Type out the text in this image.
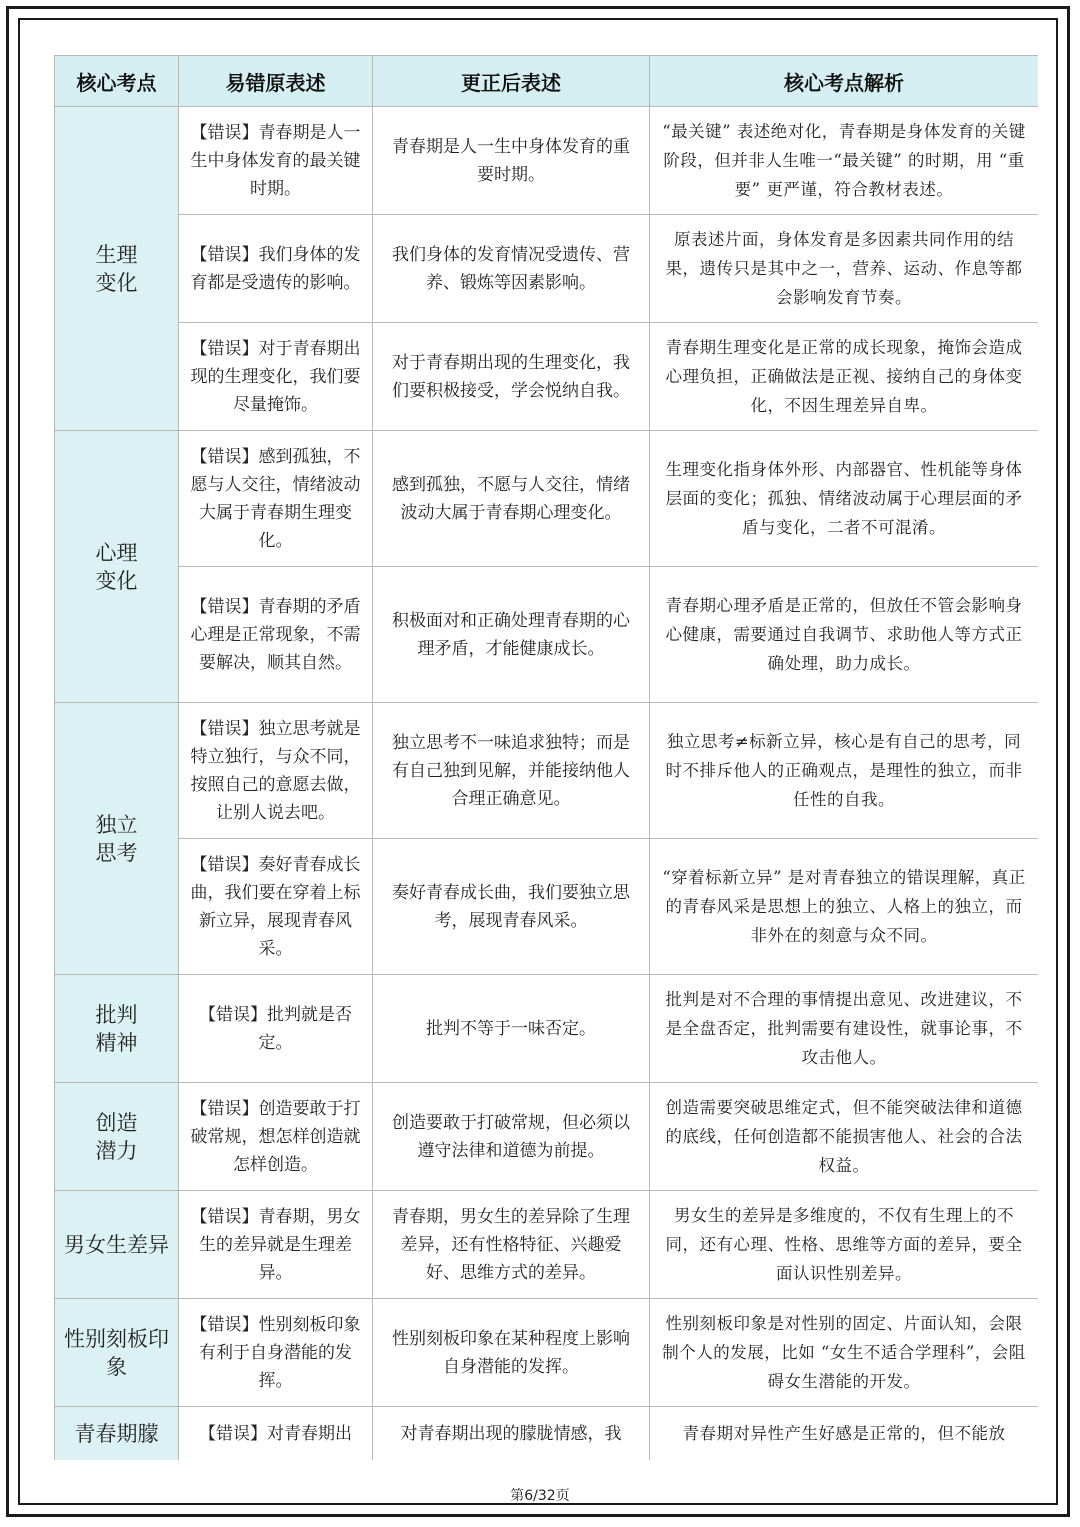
核心考点	易错原表述	更正后表述	核心考点解析
生理
变化	【错误】青春期是人一生中身体发育的最关键时期。	青春期是人一生中身体发育的重要时期。	“最关键” 表述绝对化，青春期是身体发育的关键阶段，但并非人生唯一“最关键” 的时期，用 “重要” 更严谨，符合教材表述。
	【错误】我们身体的发育都是受遗传的影响。	我们身体的发育情况受遗传、营养、锻炼等因素影响。	原表述片面，身体发育是多因素共同作用的结果，遗传只是其中之一，营养、运动、作息等都会影响发育节奏。
	【错误】对于青春期出现的生理变化，我们要尽量掩饰。	对于青春期出现的生理变化，我们要积极接受，学会悦纳自我。	青春期生理变化是正常的成长现象，掩饰会造成心理负担，正确做法是正视、接纳自己的身体变化，不因生理差异自卑。
心理
变化	【错误】感到孤独，不愿与人交往，情绪波动大属于青春期生理变化。	感到孤独，不愿与人交往，情绪波动大属于青春期心理变化。	生理变化指身体外形、内部器官、性机能等身体层面的变化；孤独、情绪波动属于心理层面的矛盾与变化，二者不可混淆。
	【错误】青春期的矛盾心理是正常现象，不需要解决，顺其自然。	积极面对和正确处理青春期的心理矛盾，才能健康成长。	青春期心理矛盾是正常的，但放任不管会影响身心健康，需要通过自我调节、求助他人等方式正确处理，助力成长。
独立
思考	【错误】独立思考就是特立独行，与众不同，按照自己的意愿去做，让别人说去吧。	独立思考不一味追求独特；而是有自己独到见解，并能接纳他人合理正确意见。	独立思考≠标新立异，核心是有自己的思考，同时不排斥他人的正确观点，是理性的独立，而非任性的自我。
	【错误】奏好青春成长曲，我们要在穿着上标新立异，展现青春风采。	奏好青春成长曲，我们要独立思考，展现青春风采。	“穿着标新立异” 是对青春独立的错误理解，真正的青春风采是思想上的独立、人格上的独立，而非外在的刻意与众不同。
批判
精神	【错误】批判就是否定。	批判不等于一味否定。	批判是对不合理的事情提出意见、改进建议，不是全盘否定，批判需要有建设性，就事论事，不攻击他人。
创造
潜力	【错误】创造要敢于打破常规，想怎样创造就怎样创造。	创造要敢于打破常规，但必须以遵守法律和道德为前提。	创造需要突破思维定式，但不能突破法律和道德的底线，任何创造都不能损害他人、社会的合法权益。
男女生差异	【错误】青春期，男女生的差异就是生理差异。	青春期，男女生的差异除了生理差异，还有性格特征、兴趣爱好、思维方式的差异。	男女生的差异是多维度的，不仅有生理上的不同，还有心理、性格、思维等方面的差异，要全面认识性别差异。
性别刻板印象	【错误】性别刻板印象有利于自身潜能的发挥。	性别刻板印象在某种程度上影响自身潜能的发挥。	性别刻板印象是对性别的固定、片面认知，会限制个人的发展，比如 “女生不适合学理科”，会阻碍女生潜能的开发。
青春期朦	【错误】对青春期出	对青春期出现的朦胧情感，我	青春期对异性产生好感是正常的，但不能放
第6/32页
